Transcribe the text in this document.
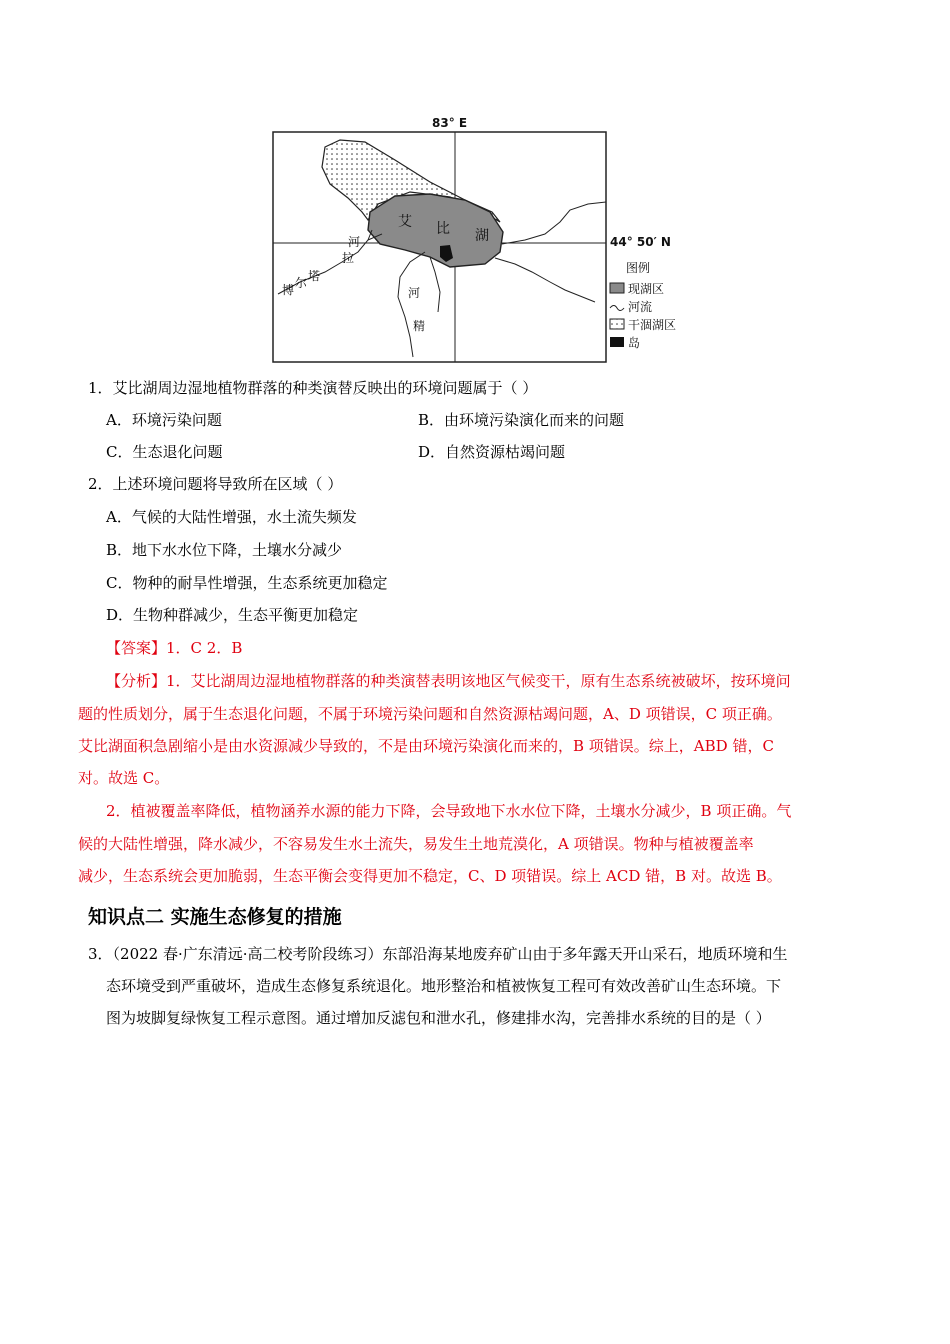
83° E
44° 50′ N
艾 比 湖
博 尔 塔
拉
河
河
精
图例
现湖区
河流
干涸湖区
岛
1．艾比湖周边湿地植物群落的种类演替反映出的环境问题属于（ ）
A．环境污染问题	B．由环境污染演化而来的问题
C．生态退化问题	D．自然资源枯竭问题
2．上述环境问题将导致所在区域（ ）
A．气候的大陆性增强，水土流失频发
B．地下水水位下降，土壤水分减少
C．物种的耐旱性增强，生态系统更加稳定
D．生物种群减少，生态平衡更加稳定
【答案】1．C 2．B
【分析】1．艾比湖周边湿地植物群落的种类演替表明该地区气候变干，原有生态系统被破坏，按环境问
题的性质划分，属于生态退化问题，不属于环境污染问题和自然资源枯竭问题，A、D 项错误，C 项正确。
艾比湖面积急剧缩小是由水资源减少导致的，不是由环境污染演化而来的，B 项错误。综上，ABD 错，C
对。故选 C。
2．植被覆盖率降低，植物涵养水源的能力下降，会导致地下水水位下降，土壤水分减少，B 项正确。气
候的大陆性增强，降水减少，不容易发生水土流失，易发生土地荒漠化，A 项错误。物种与植被覆盖率
减少，生态系统会更加脆弱，生态平衡会变得更加不稳定，C、D 项错误。综上 ACD 错，B 对。故选 B。
知识点二 实施生态修复的措施
3．（2022 春·广东清远·高二校考阶段练习）东部沿海某地废弃矿山由于多年露天开山采石，地质环境和生
态环境受到严重破坏，造成生态修复系统退化。地形整治和植被恢复工程可有效改善矿山生态环境。下
图为坡脚复绿恢复工程示意图。通过增加反滤包和泄水孔，修建排水沟，完善排水系统的目的是（ ）
